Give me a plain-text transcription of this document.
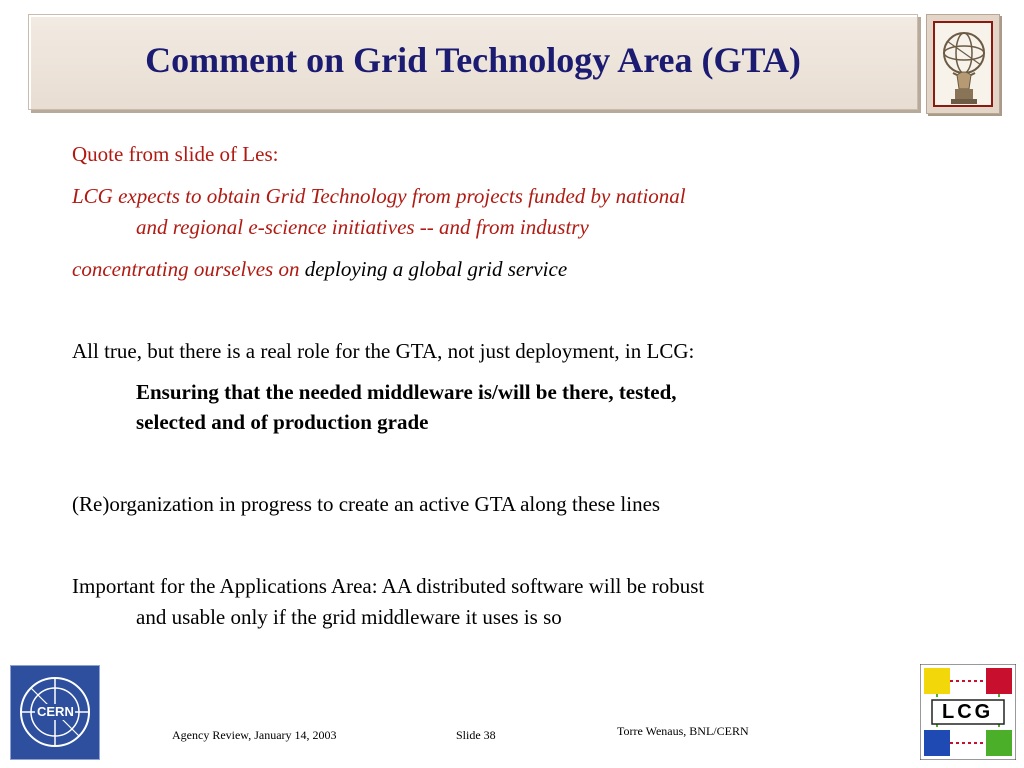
Comment on Grid Technology Area (GTA)
Quote from slide of Les:
LCG expects to obtain Grid Technology from projects funded by national
and regional e-science initiatives -- and from industry
concentrating ourselves on deploying a global grid service
All true, but there is a real role for the GTA, not just deployment, in LCG:
Ensuring that the needed middleware is/will be there, tested,
selected and of production grade
(Re)organization in progress to create an active GTA along these lines
Important for the Applications Area: AA distributed software will be robust
and usable only if the grid middleware it uses is so
CERN
Agency Review, January 14, 2003	Slide 38	Torre Wenaus, BNL/CERN
LCG
